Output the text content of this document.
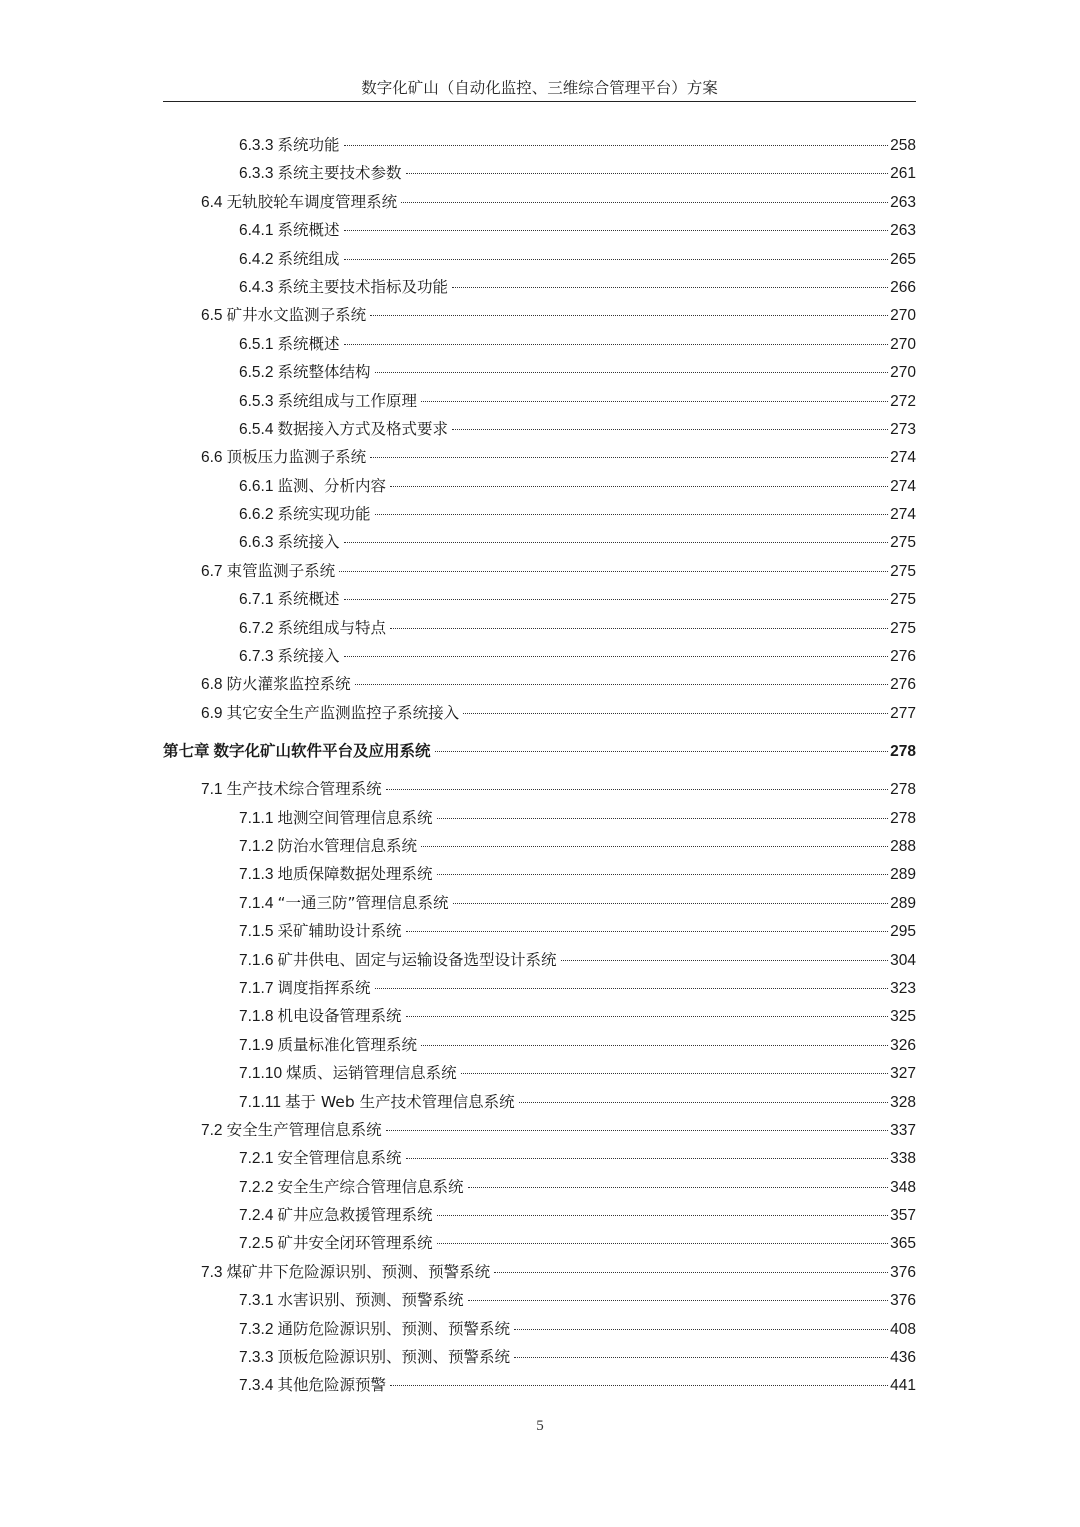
数字化矿山（自动化监控、三维综合管理平台）方案
6.3.3 系统功能	258
6.3.3 系统主要技术参数	261
6.4 无轨胶轮车调度管理系统	263
6.4.1 系统概述	263
6.4.2 系统组成	265
6.4.3 系统主要技术指标及功能	266
6.5 矿井水文监测子系统	270
6.5.1 系统概述	270
6.5.2 系统整体结构	270
6.5.3 系统组成与工作原理	272
6.5.4 数据接入方式及格式要求	273
6.6 顶板压力监测子系统	274
6.6.1 监测、分析内容	274
6.6.2 系统实现功能	274
6.6.3 系统接入	275
6.7 束管监测子系统	275
6.7.1 系统概述	275
6.7.2 系统组成与特点	275
6.7.3 系统接入	276
6.8 防火灌浆监控系统	276
6.9 其它安全生产监测监控子系统接入	277
第七章 数字化矿山软件平台及应用系统	278
7.1 生产技术综合管理系统	278
7.1.1 地测空间管理信息系统	278
7.1.2 防治水管理信息系统	288
7.1.3 地质保障数据处理系统	289
7.1.4 “一通三防”管理信息系统	289
7.1.5 采矿辅助设计系统	295
7.1.6 矿井供电、固定与运输设备选型设计系统	304
7.1.7 调度指挥系统	323
7.1.8 机电设备管理系统	325
7.1.9 质量标准化管理系统	326
7.1.10 煤质、运销管理信息系统	327
7.1.11 基于 Web 生产技术管理信息系统	328
7.2 安全生产管理信息系统	337
7.2.1 安全管理信息系统	338
7.2.2 安全生产综合管理信息系统	348
7.2.4 矿井应急救援管理系统	357
7.2.5 矿井安全闭环管理系统	365
7.3 煤矿井下危险源识别、预测、预警系统	376
7.3.1 水害识别、预测、预警系统	376
7.3.2 通防危险源识别、预测、预警系统	408
7.3.3 顶板危险源识别、预测、预警系统	436
7.3.4 其他危险源预警	441
5
